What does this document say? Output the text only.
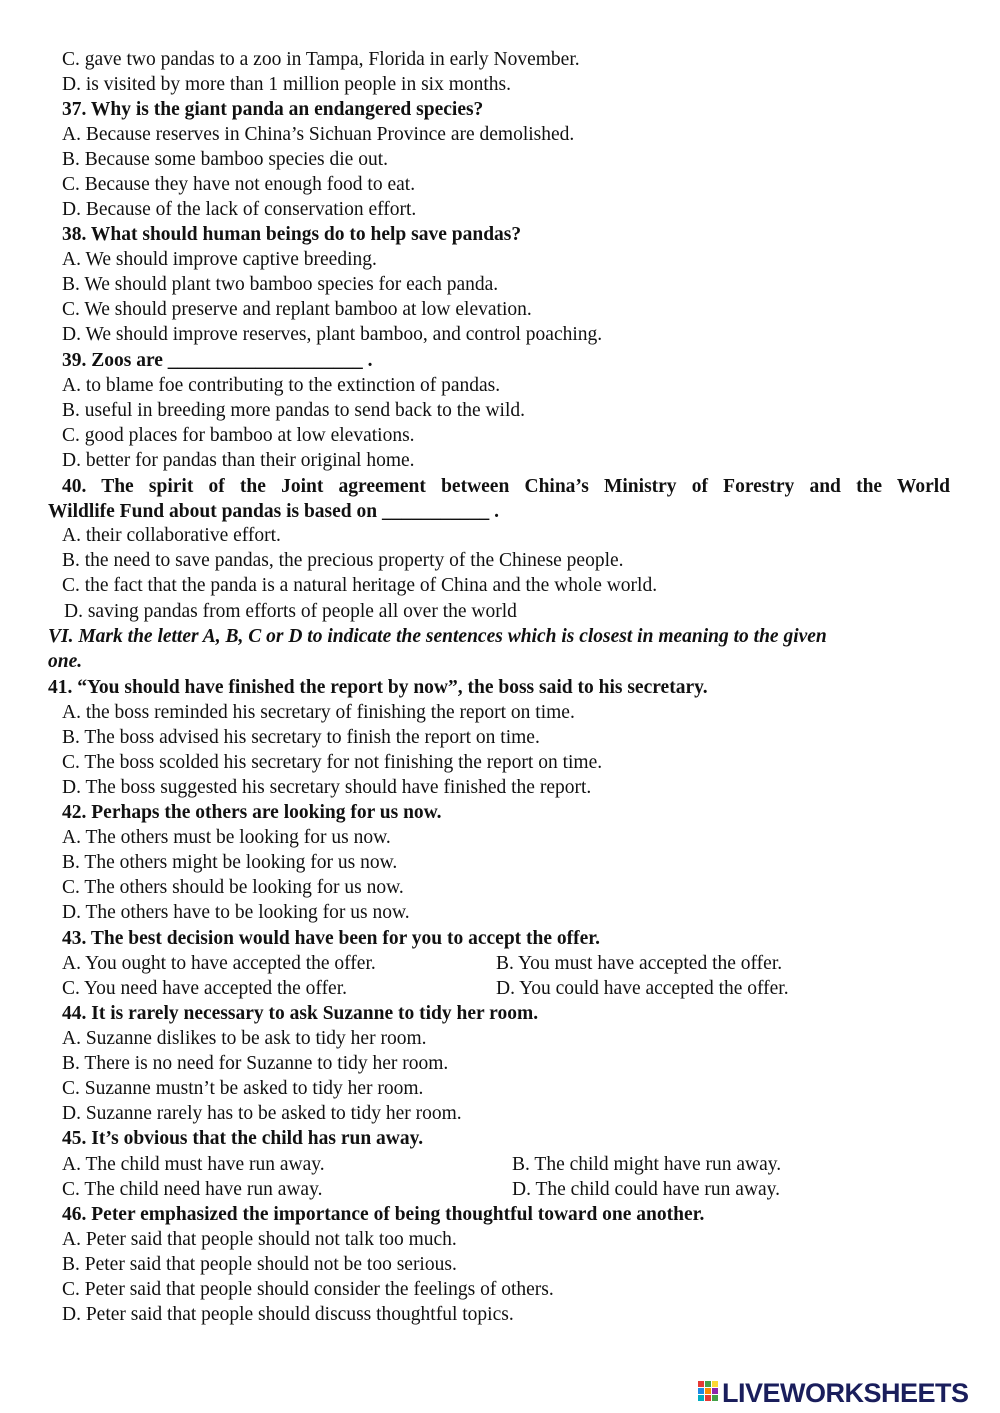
C. gave two pandas to a zoo in Tampa, Florida in early November.
D. is visited by more than 1 million people in six months.
37. Why is the giant panda an endangered species?
A. Because reserves in China’s Sichuan Province are demolished.
B. Because some bamboo species die out.
C. Because they have not enough food to eat.
D. Because of the lack of conservation effort.
38. What should human beings do to help save pandas?
A. We should improve captive breeding.
B. We should plant two bamboo species for each panda.
C. We should preserve and replant bamboo at low elevation.
D. We should improve reserves, plant bamboo, and control poaching.
39. Zoos are ____________________ .
A. to blame foe contributing to the extinction of pandas.
B. useful in breeding more pandas to send back to the wild.
C. good places for bamboo at low elevations.
D. better for pandas than their original home.
40. The spirit of the Joint agreement between China’s Ministry of Forestry and the World
Wildlife Fund about pandas is based on ___________ .
A. their collaborative effort.
B. the need to save pandas, the precious property of the Chinese people.
C. the fact that the panda is a natural heritage of China and the whole world.
D. saving pandas from efforts of people all over the world
VI. Mark the letter A, B, C or D to indicate the sentences which is closest in meaning to the given
one.
41. “You should have finished the report by now”, the boss said to his secretary.
A. the boss reminded his secretary of finishing the report on time.
B. The boss advised his secretary to finish the report on time.
C. The boss scolded his secretary for not finishing the report on time.
D. The boss suggested his secretary should have finished the report.
42. Perhaps the others are looking for us now.
A. The others must be looking for us now.
B. The others might be looking for us now.
C. The others should be looking for us now.
D. The others have to be looking for us now.
43. The best decision would have been for you to accept the offer.
A. You ought to have accepted the offer.	B. You must have accepted the offer.
C. You need have accepted the offer.	D. You could have accepted the offer.
44. It is rarely necessary to ask Suzanne to tidy her room.
A. Suzanne dislikes to be ask to tidy her room.
B. There is no need for Suzanne to tidy her room.
C. Suzanne mustn’t be asked to tidy her room.
D. Suzanne rarely has to be asked to tidy her room.
45. It’s obvious that the child has run away.
A. The child must have run away.	B. The child might have run away.
C. The child need have run away.	D. The child could have run away.
46. Peter emphasized the importance of being thoughtful toward one another.
A. Peter said that people should not talk too much.
B. Peter said that people should not be too serious.
C. Peter said that people should consider the feelings of others.
D. Peter said that people should discuss thoughtful topics.
LIVEWORKSHEETS
